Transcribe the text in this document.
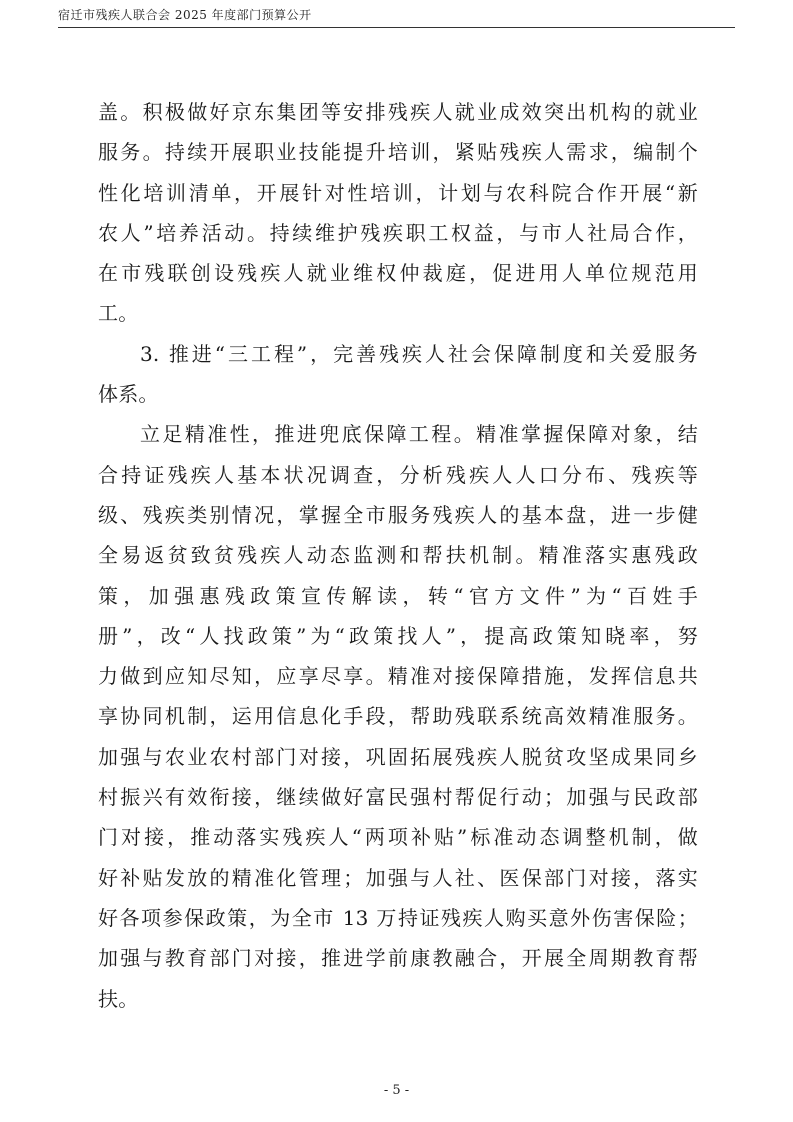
宿迁市残疾人联合会 2025 年度部门预算公开
盖。积极做好京东集团等安排残疾人就业成效突出机构的就业
服务。持续开展职业技能提升培训，紧贴残疾人需求，编制个
性化培训清单，开展针对性培训，计划与农科院合作开展“新
农人”培养活动。持续维护残疾职工权益，与市人社局合作，
在市残联创设残疾人就业维权仲裁庭，促进用人单位规范用
工。
3. 推进“三工程”，完善残疾人社会保障制度和关爱服务
体系。
立足精准性，推进兜底保障工程。精准掌握保障对象，结
合持证残疾人基本状况调查，分析残疾人人口分布、残疾等
级、残疾类别情况，掌握全市服务残疾人的基本盘，进一步健
全易返贫致贫残疾人动态监测和帮扶机制。精准落实惠残政
策，加强惠残政策宣传解读，转“官方文件”为“百姓手
册”，改“人找政策”为“政策找人”，提高政策知晓率，努
力做到应知尽知，应享尽享。精准对接保障措施，发挥信息共
享协同机制，运用信息化手段，帮助残联系统高效精准服务。
加强与农业农村部门对接，巩固拓展残疾人脱贫攻坚成果同乡
村振兴有效衔接，继续做好富民强村帮促行动；加强与民政部
门对接，推动落实残疾人“两项补贴”标准动态调整机制，做
好补贴发放的精准化管理；加强与人社、医保部门对接，落实
好各项参保政策，为全市 13 万持证残疾人购买意外伤害保险；
加强与教育部门对接，推进学前康教融合，开展全周期教育帮
扶。
- 5 -
